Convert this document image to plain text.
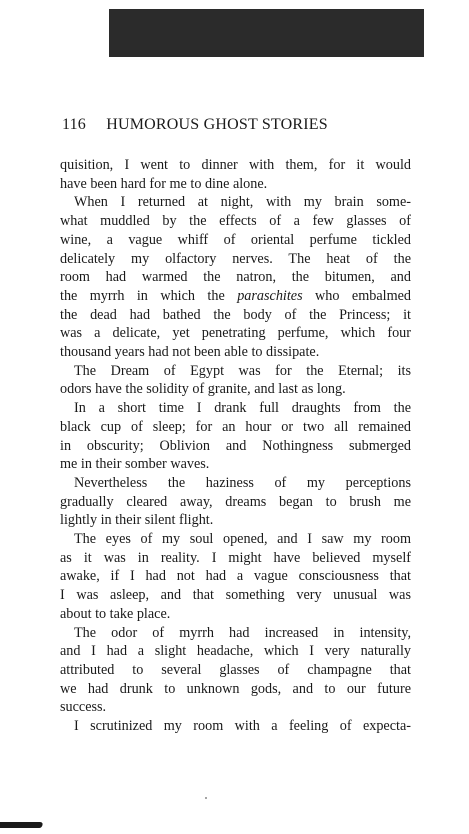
116 HUMOROUS GHOST STORIES

quisition, I went to dinner with them, for it would

have been hard for me to dine alone.

When I returned at night, with my brain some-

what muddled by the effects of a few glasses of

wine, a vague whiff of oriental perfume tickled

delicately my olfactory nerves. The heat of the

room had warmed the natron, the bitumen, and

the myrrh in which the paraschites who embalmed

the dead had bathed the body of the Princess; it

was a delicate, yet penetrating perfume, which four

thousand years had not been able to dissipate.

The Dream of Egypt was for the Eternal; its

odors have the solidity of granite, and last as long.

In a short time I drank full draughts from the

black cup of sleep; for an hour or two all remained

in obscurity; Oblivion and Nothingness submerged

me in their somber waves.

Nevertheless the haziness of my perceptions

gradually cleared away, dreams began to brush me

lightly in their silent flight.

The eyes of my soul opened, and I saw my room

as it was in reality. I might have believed myself

awake, if I had not had a vague consciousness that

I was asleep, and that something very unusual was

about to take place.

The odor of myrrh had increased in intensity,

and I had a slight headache, which I very naturally

attributed to several glasses of champagne that

we had drunk to unknown gods, and to our future

success.

I scrutinized my room with a feeling of expecta-
